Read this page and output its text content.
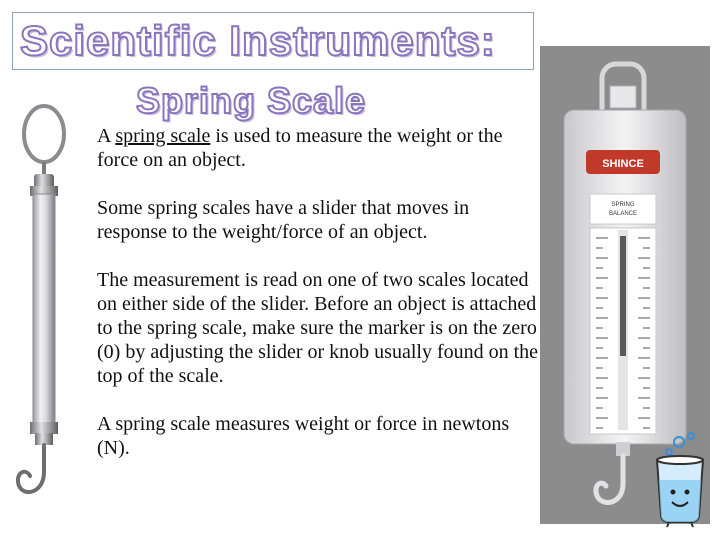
Scientific Instruments:
Spring Scale

A spring scale is used to measure the weight or the force on an object.

Some spring scales have a slider that moves in response to the weight/force of an object.

The measurement is read on one of two scales located on either side of the slider. Before an object is attached to the spring scale, make sure the marker is on the zero (0) by adjusting the slider or knob usually found on the top of the scale.

A spring scale measures weight or force in newtons (N).

SHINCE
SPRING
BALANCE
